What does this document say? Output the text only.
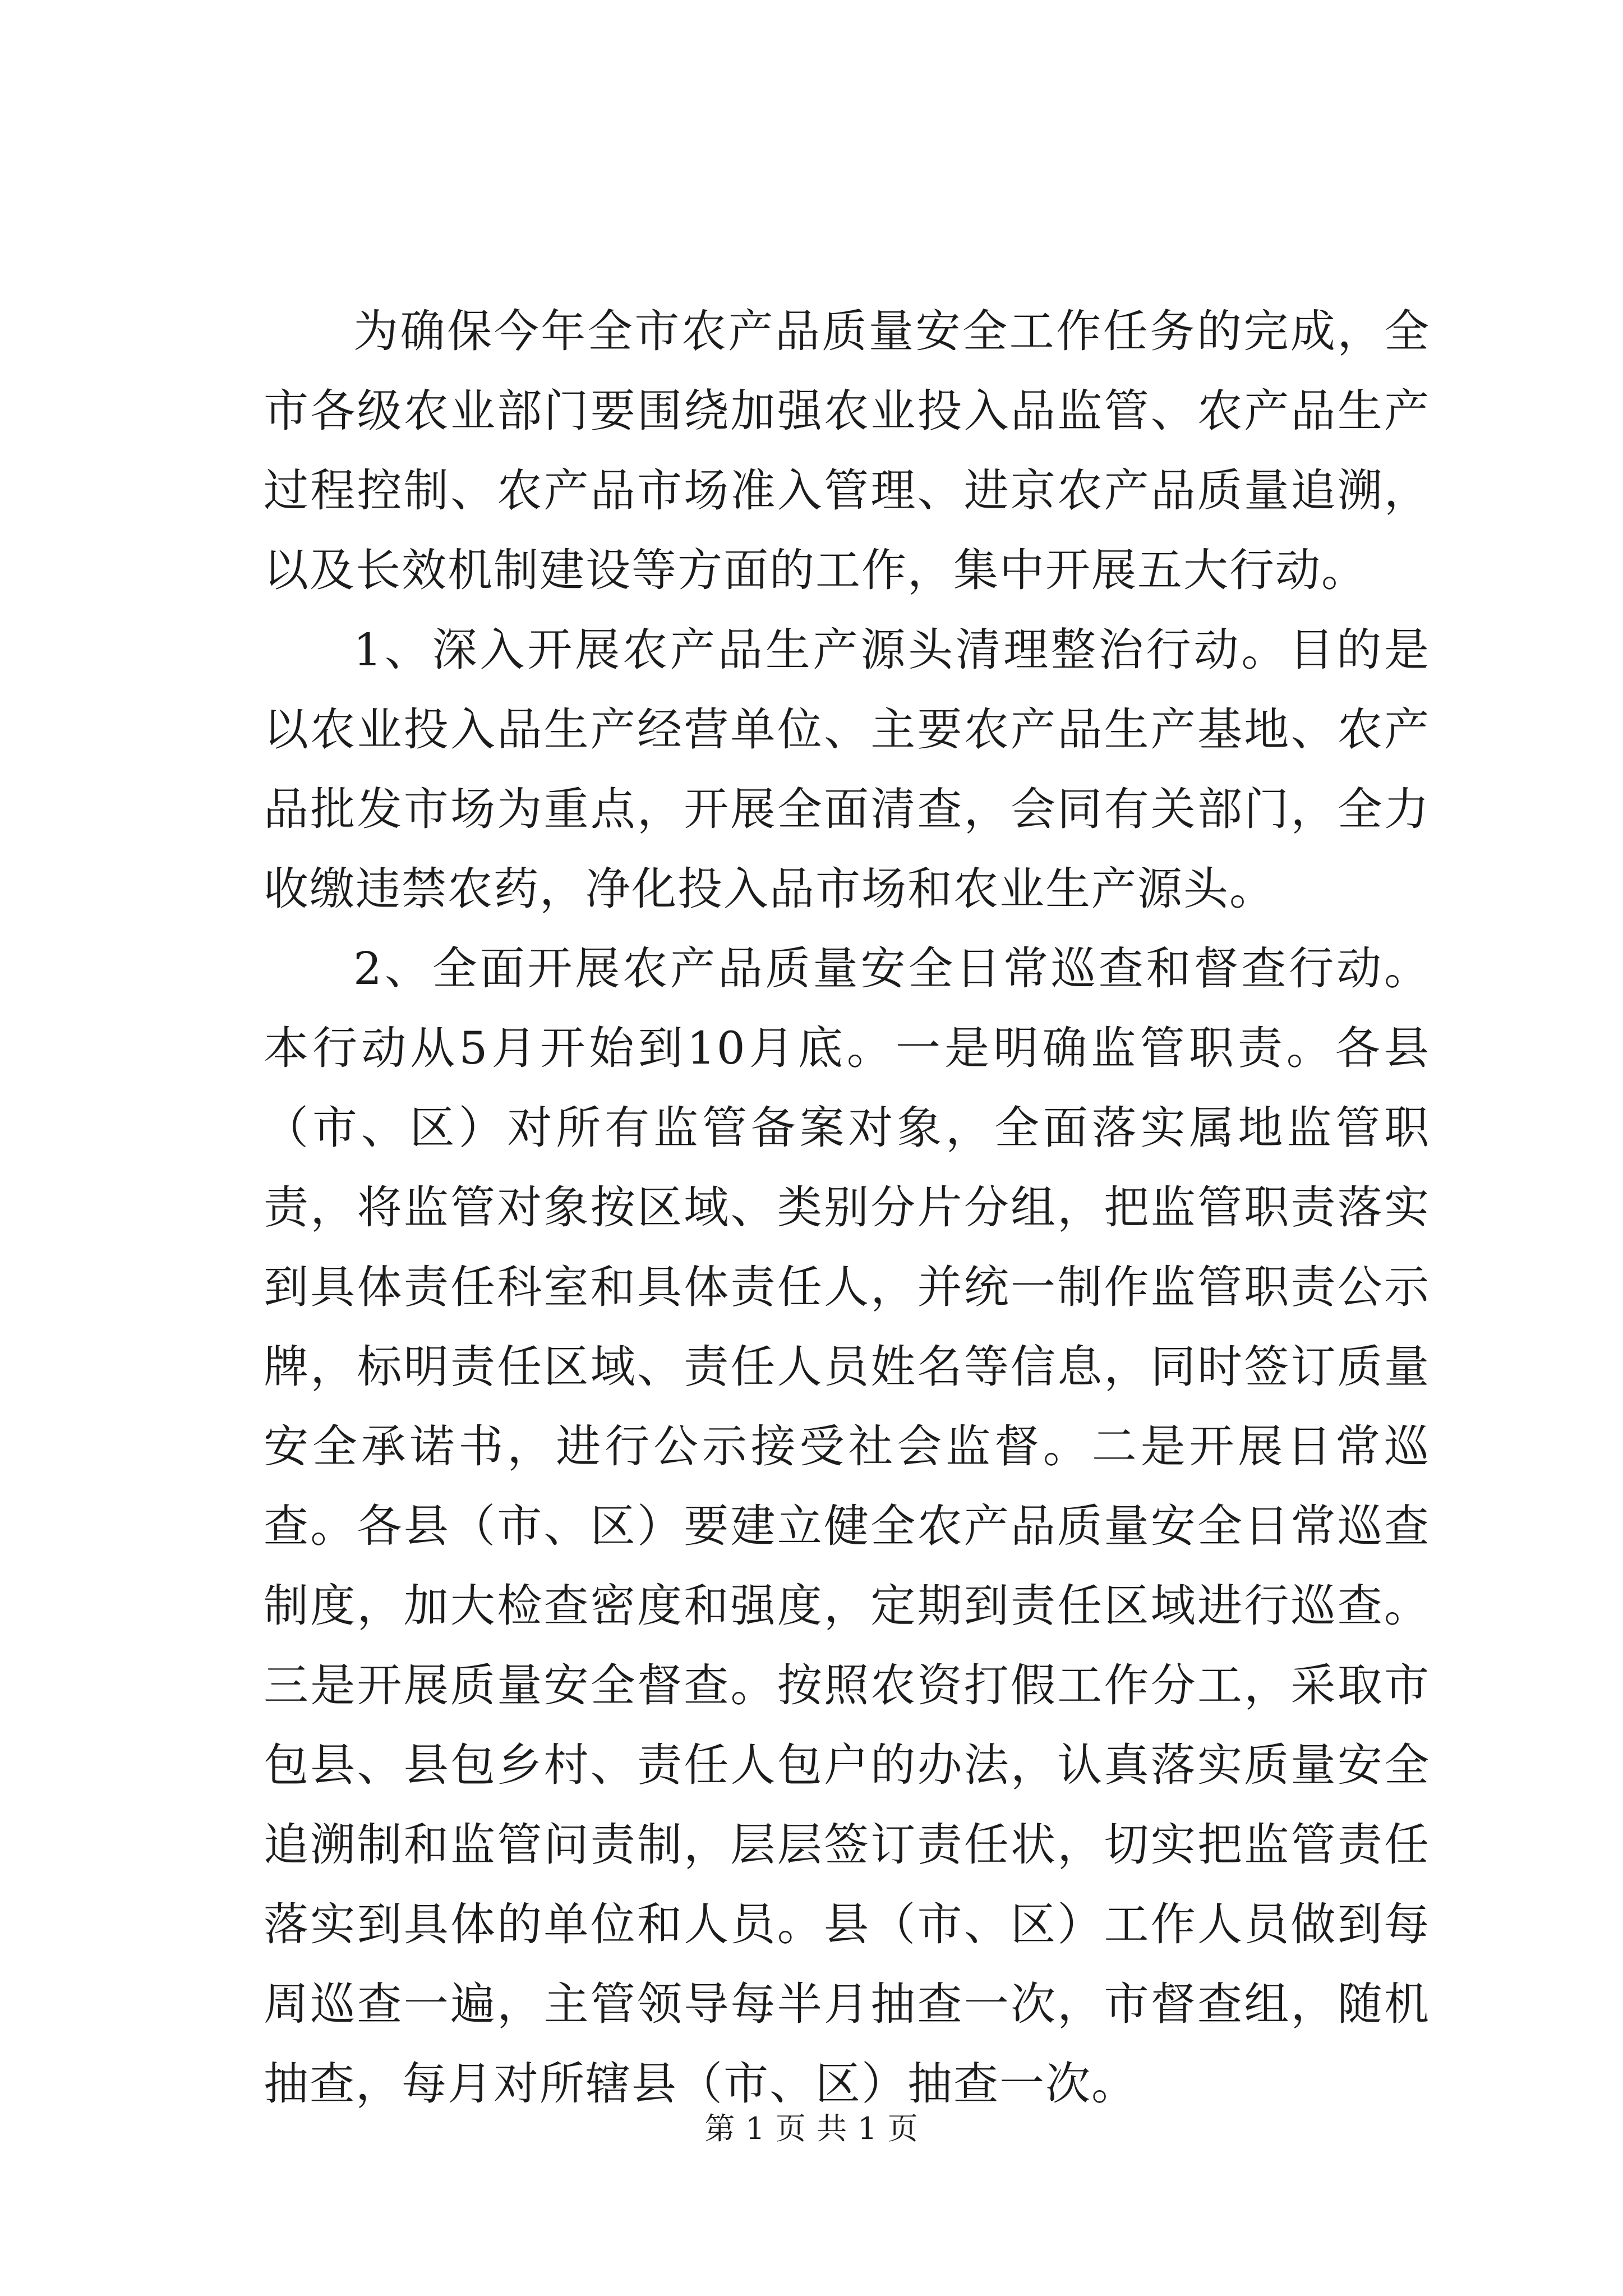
为确保今年全市农产品质量安全工作任务的完成，全市各级农业部门要围绕加强农业投入品监管、农产品生产过程控制、农产品市场准入管理、进京农产品质量追溯，以及长效机制建设等方面的工作，集中开展五大行动。

1、深入开展农产品生产源头清理整治行动。目的是以农业投入品生产经营单位、主要农产品生产基地、农产品批发市场为重点，开展全面清查，会同有关部门，全力收缴违禁农药，净化投入品市场和农业生产源头。

2、全面开展农产品质量安全日常巡查和督查行动。本行动从5月开始到10月底。一是明确监管职责。各县（市、区）对所有监管备案对象，全面落实属地监管职责，将监管对象按区域、类别分片分组，把监管职责落实到具体责任科室和具体责任人，并统一制作监管职责公示牌，标明责任区域、责任人员姓名等信息，同时签订质量安全承诺书，进行公示接受社会监督。二是开展日常巡查。各县（市、区）要建立健全农产品质量安全日常巡查制度，加大检查密度和强度，定期到责任区域进行巡查。三是开展质量安全督查。按照农资打假工作分工，采取市包县、县包乡村、责任人包户的办法，认真落实质量安全追溯制和监管问责制，层层签订责任状，切实把监管责任落实到具体的单位和人员。县（市、区）工作人员做到每周巡查一遍，主管领导每半月抽查一次，市督查组，随机抽查，每月对所辖县（市、区）抽查一次。

第 1 页 共 1 页
